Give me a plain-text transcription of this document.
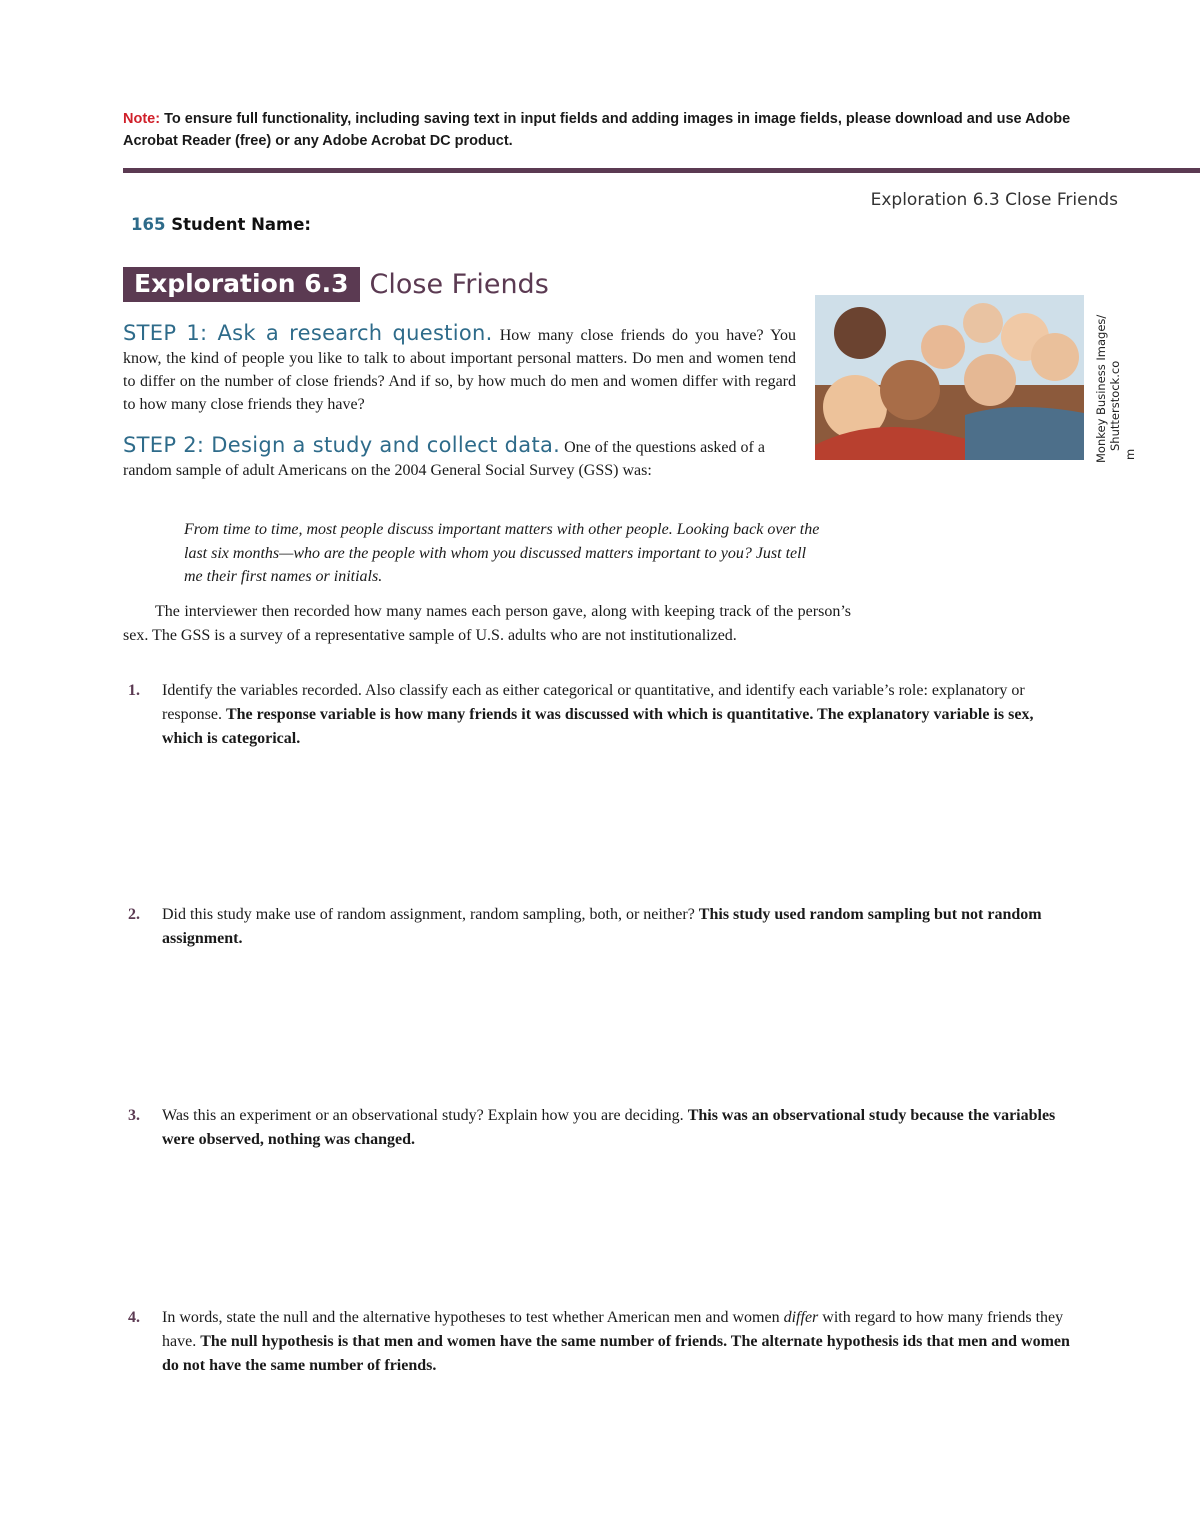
Note: To ensure full functionality, including saving text in input fields and adding images in image fields, please download and use Adobe Acrobat Reader (free) or any Adobe Acrobat DC product.
Exploration 6.3 Close Friends
165 Student Name:
Exploration 6.3 Close Friends
STEP 1: Ask a research question. How many close friends do you have? You know, the kind of people you like to talk to about important personal matters. Do men and women tend to differ on the number of close friends? And if so, by how much do men and women differ with regard to how many close friends they have?	Monkey Business Images/ Shutterstock.co
m
STEP 2: Design a study and collect data. One of the questions asked of a random sample of adult Americans on the 2004 General Social Survey (GSS) was:
From time to time, most people discuss important matters with other people. Looking back over the last six months—who are the people with whom you discussed matters important to you? Just tell me their first names or initials.
The interviewer then recorded how many names each person gave, along with keeping track of the person’s sex. The GSS is a survey of a representative sample of U.S. adults who are not institutionalized.
1. Identify the variables recorded. Also classify each as either categorical or quantitative, and identify each variable’s role: explanatory or response. The response variable is how many friends it was discussed with which is quantitative. The explanatory variable is sex, which is categorical.
2. Did this study make use of random assignment, random sampling, both, or neither? This study used random sampling but not random assignment.
3. Was this an experiment or an observational study? Explain how you are deciding. This was an observational study because the variables were observed, nothing was changed.
4. In words, state the null and the alternative hypotheses to test whether American men and women differ with regard to how many friends they have. The null hypothesis is that men and women have the same number of friends. The alternate hypothesis ids that men and women do not have the same number of friends.
